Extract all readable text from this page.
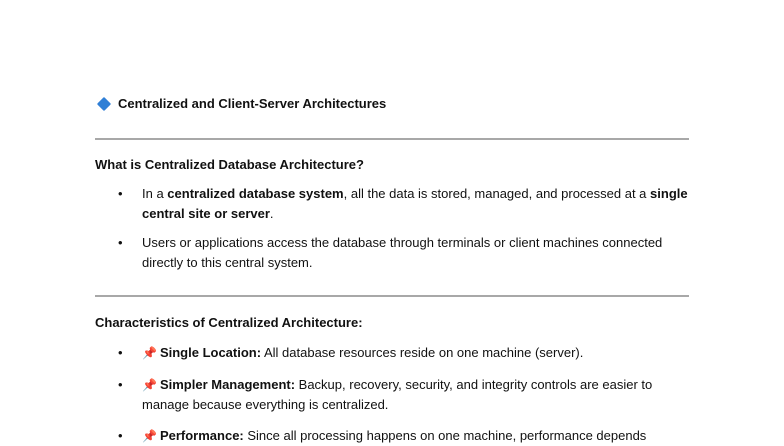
Centralized and Client-Server Architectures
What is Centralized Database Architecture?
• In a centralized database system, all the data is stored, managed, and processed at a single central site or server.
• Users or applications access the database through terminals or client machines connected directly to this central system.
Characteristics of Centralized Architecture:
• 📌 Single Location: All database resources reside on one machine (server).
• 📌 Simpler Management: Backup, recovery, security, and integrity controls are easier to manage because everything is centralized.
• 📌 Performance: Since all processing happens on one machine, performance depends
